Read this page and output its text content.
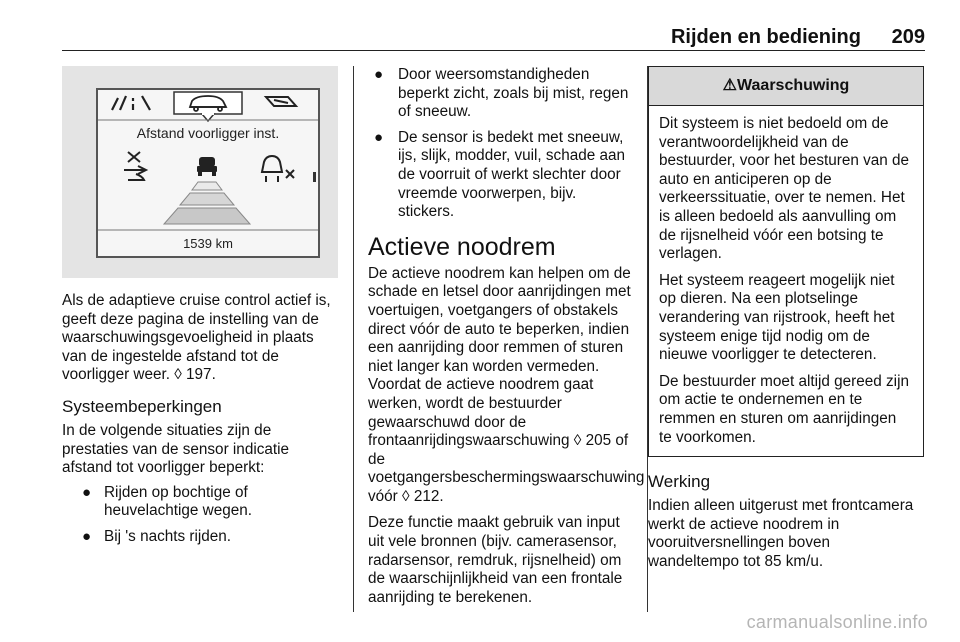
Rijden en bediening 209
Afstand voorligger inst.
1539 km

Als de adaptieve cruise control actief is, geeft deze pagina de instelling van de waarschuwingsgevoeligheid in plaats van de ingestelde afstand tot de voorligger weer. ◊ 197.

Systeembeperkingen

In de volgende situaties zijn de prestaties van de sensor indicatie afstand tot voorligger beperkt:

● Rijden op bochtige of heuvelachtige wegen.
● Bij 's nachts rijden.
● Door weersomstandigheden beperkt zicht, zoals bij mist, regen of sneeuw.
● De sensor is bedekt met sneeuw, ijs, slijk, modder, vuil, schade aan de voorruit of werkt slechter door vreemde voorwerpen, bijv. stickers.
Actieve noodrem

De actieve noodrem kan helpen om de schade en letsel door aanrijdingen met voertuigen, voetgangers of obstakels direct vóór de auto te beperken, indien een aanrijding door remmen of sturen niet langer kan worden vermeden. Voordat de actieve noodrem gaat werken, wordt de bestuurder gewaarschuwd door de frontaanrijdingswaarschuwing ◊ 205 of de voetgangersbeschermingswaarschuwing vóór ◊ 212.

Deze functie maakt gebruik van input uit vele bronnen (bijv. camerasensor, radarsensor, remdruk, rijsnelheid) om de waarschijnlijkheid van een frontale aanrijding te berekenen.

⚠Waarschuwing

Dit systeem is niet bedoeld om de verantwoordelijkheid van de bestuurder, voor het besturen van de auto en anticiperen op de verkeerssituatie, over te nemen. Het is alleen bedoeld als aanvulling om de rijsnelheid vóór een botsing te verlagen.

Het systeem reageert mogelijk niet op dieren. Na een plotselinge verandering van rijstrook, heeft het systeem enige tijd nodig om de nieuwe voorligger te detecteren.

De bestuurder moet altijd gereed zijn om actie te ondernemen en te remmen en sturen om aanrijdingen te voorkomen.

Werking

Indien alleen uitgerust met frontcamera werkt de actieve noodrem in vooruitversnellingen boven wandeltempo tot 85 km/u.

carmanualsonline.info
